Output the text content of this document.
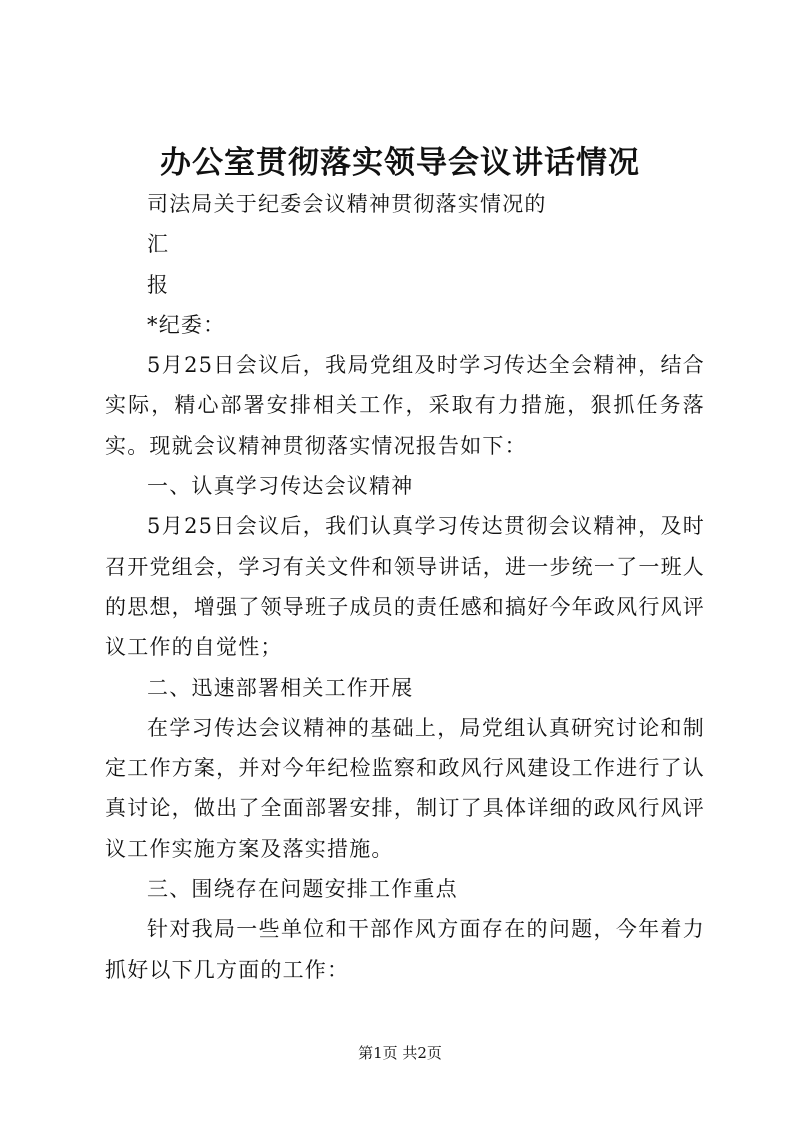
办公室贯彻落实领导会议讲话情况

司法局关于纪委会议精神贯彻落实情况的

汇

报

*纪委：

5月25日会议后，我局党组及时学习传达全会精神，结合实际，精心部署安排相关工作，采取有力措施，狠抓任务落实。现就会议精神贯彻落实情况报告如下：

一、认真学习传达会议精神

5月25日会议后，我们认真学习传达贯彻会议精神，及时召开党组会，学习有关文件和领导讲话，进一步统一了一班人的思想，增强了领导班子成员的责任感和搞好今年政风行风评议工作的自觉性；

二、迅速部署相关工作开展

在学习传达会议精神的基础上，局党组认真研究讨论和制定工作方案，并对今年纪检监察和政风行风建设工作进行了认真讨论，做出了全面部署安排，制订了具体详细的政风行风评议工作实施方案及落实措施。

三、围绕存在问题安排工作重点

针对我局一些单位和干部作风方面存在的问题，今年着力抓好以下几方面的工作：

第1页 共2页
